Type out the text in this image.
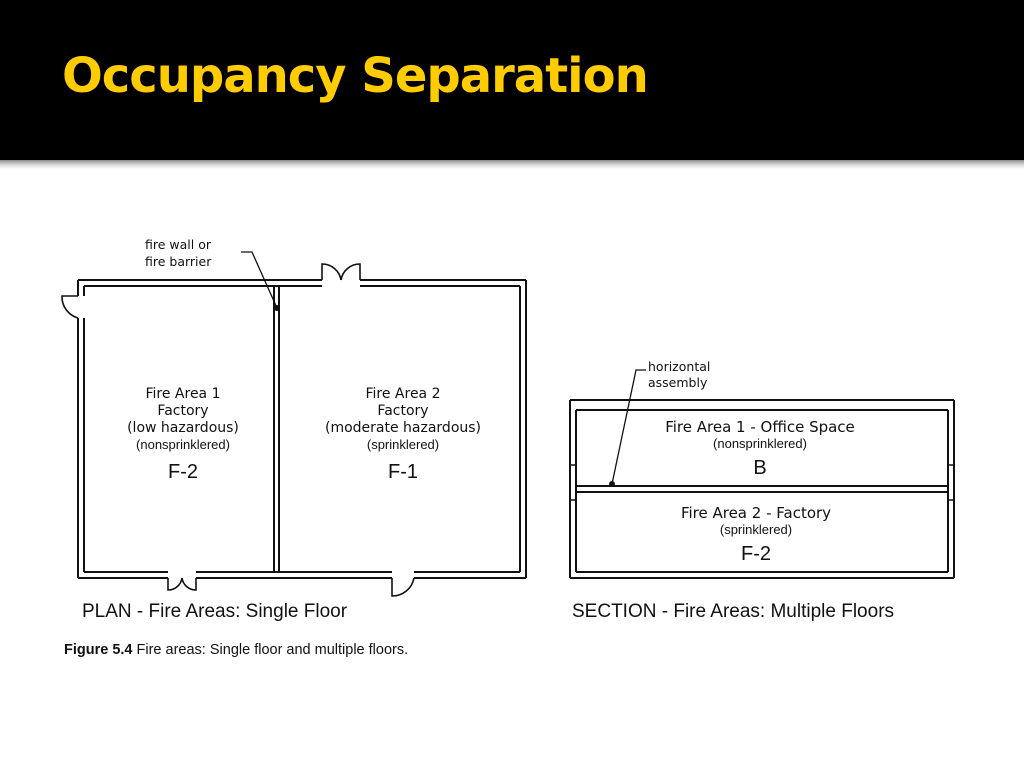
Occupancy Separation
fire wall or
fire barrier
Fire Area 1
Factory
(low hazardous)
(nonsprinklered)
F-2
Fire Area 2
Factory
(moderate hazardous)
(sprinklered)
F-1
PLAN - Fire Areas: Single Floor
horizontal
assembly
Fire Area 1 - Office Space
(nonsprinklered)
B
Fire Area 2 - Factory
(sprinklered)
F-2
SECTION - Fire Areas: Multiple Floors
Figure 5.4 Fire areas: Single floor and multiple floors.
